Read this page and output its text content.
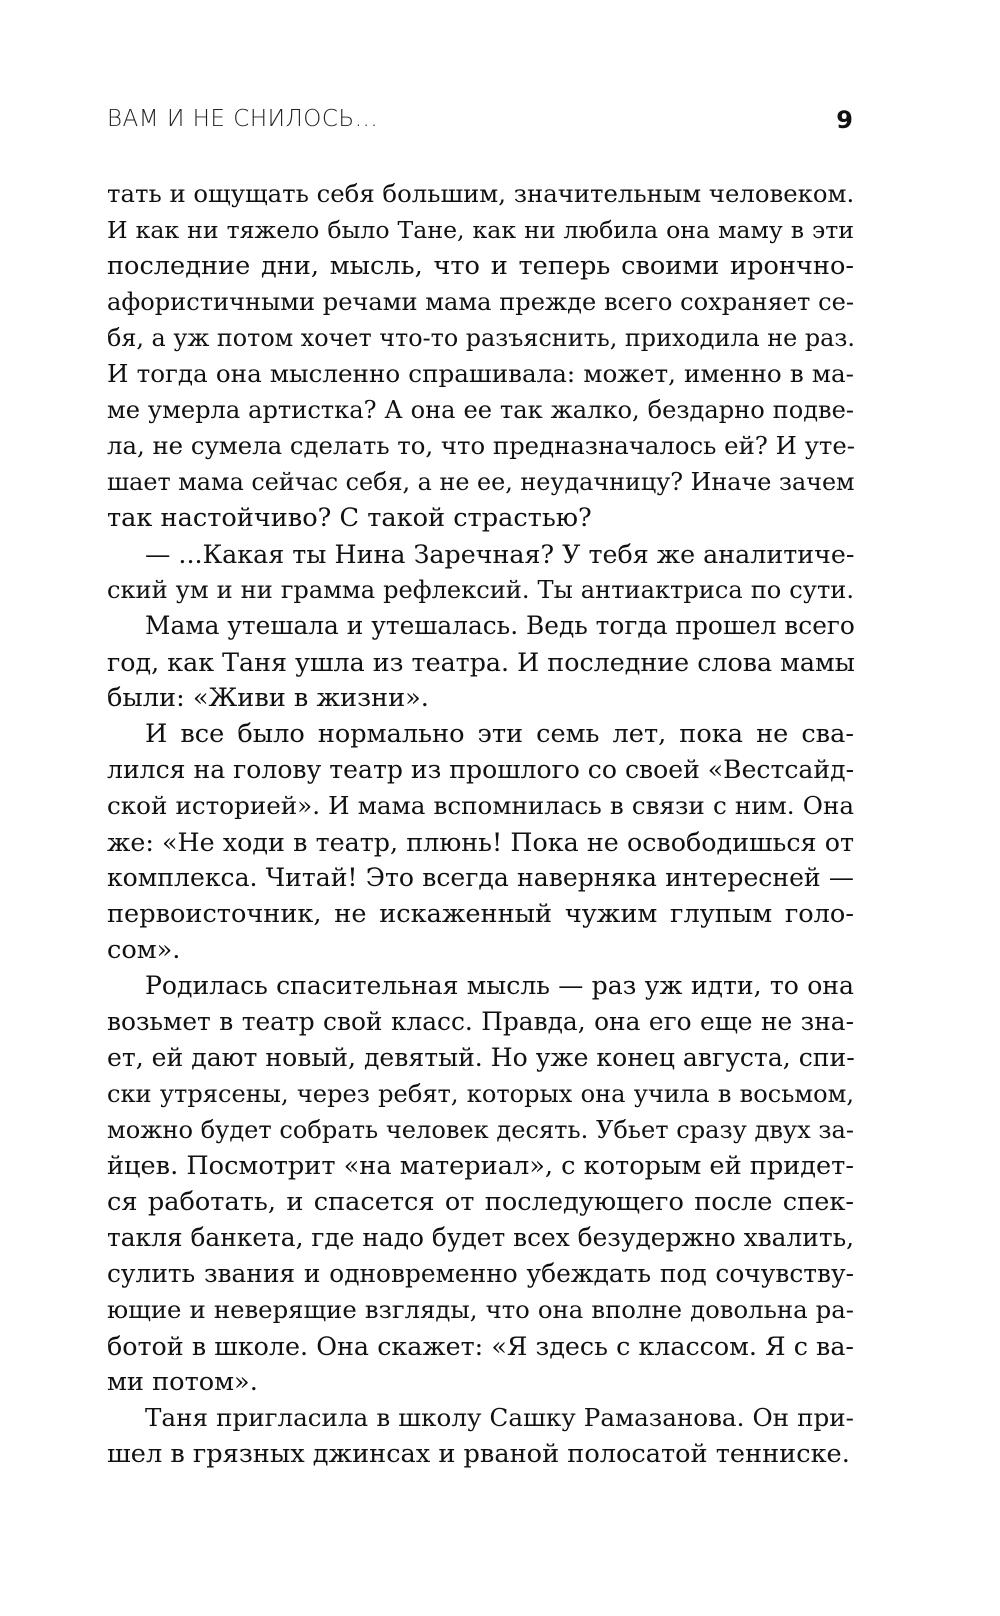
ВАМ И НЕ СНИЛОСЬ...	9
тать и ощущать себя большим, значительным человеком.
И как ни тяжело было Тане, как ни любила она маму в эти
последние дни, мысль, что и теперь своими ирончно-
афористичными речами мама прежде всего сохраняет се-
бя, а уж потом хочет что-то разъяснить, приходила не раз.
И тогда она мысленно спрашивала: может, именно в ма-
ме умерла артистка? А она ее так жалко, бездарно подве-
ла, не сумела сделать то, что предназначалось ей? И уте-
шает мама сейчас себя, а не ее, неудачницу? Иначе зачем
так настойчиво? С такой страстью?
— ...Какая ты Нина Заречная? У тебя же аналитиче-
ский ум и ни грамма рефлексий. Ты антиактриса по сути.
Мама утешала и утешалась. Ведь тогда прошел всего
год, как Таня ушла из театра. И последние слова мамы
были: «Живи в жизни».
И все было нормально эти семь лет, пока не сва-
лился на голову театр из прошлого со своей «Вестсайд-
ской историей». И мама вспомнилась в связи с ним. Она
же: «Не ходи в театр, плюнь! Пока не освободишься от
комплекса. Читай! Это всегда наверняка интересней —
первоисточник, не искаженный чужим глупым голо-
сом».
Родилась спасительная мысль — раз уж идти, то она
возьмет в театр свой класс. Правда, она его еще не зна-
ет, ей дают новый, девятый. Но уже конец августа, спи-
ски утрясены, через ребят, которых она учила в восьмом,
можно будет собрать человек десять. Убьет сразу двух за-
йцев. Посмотрит «на материал», с которым ей придет-
ся работать, и спасется от последующего после спек-
такля банкета, где надо будет всех безудержно хвалить,
сулить звания и одновременно убеждать под сочувству-
ющие и неверящие взгляды, что она вполне довольна ра-
ботой в школе. Она скажет: «Я здесь с классом. Я с ва-
ми потом».
Таня пригласила в школу Сашку Рамазанова. Он при-
шел в грязных джинсах и рваной полосатой тенниске.
